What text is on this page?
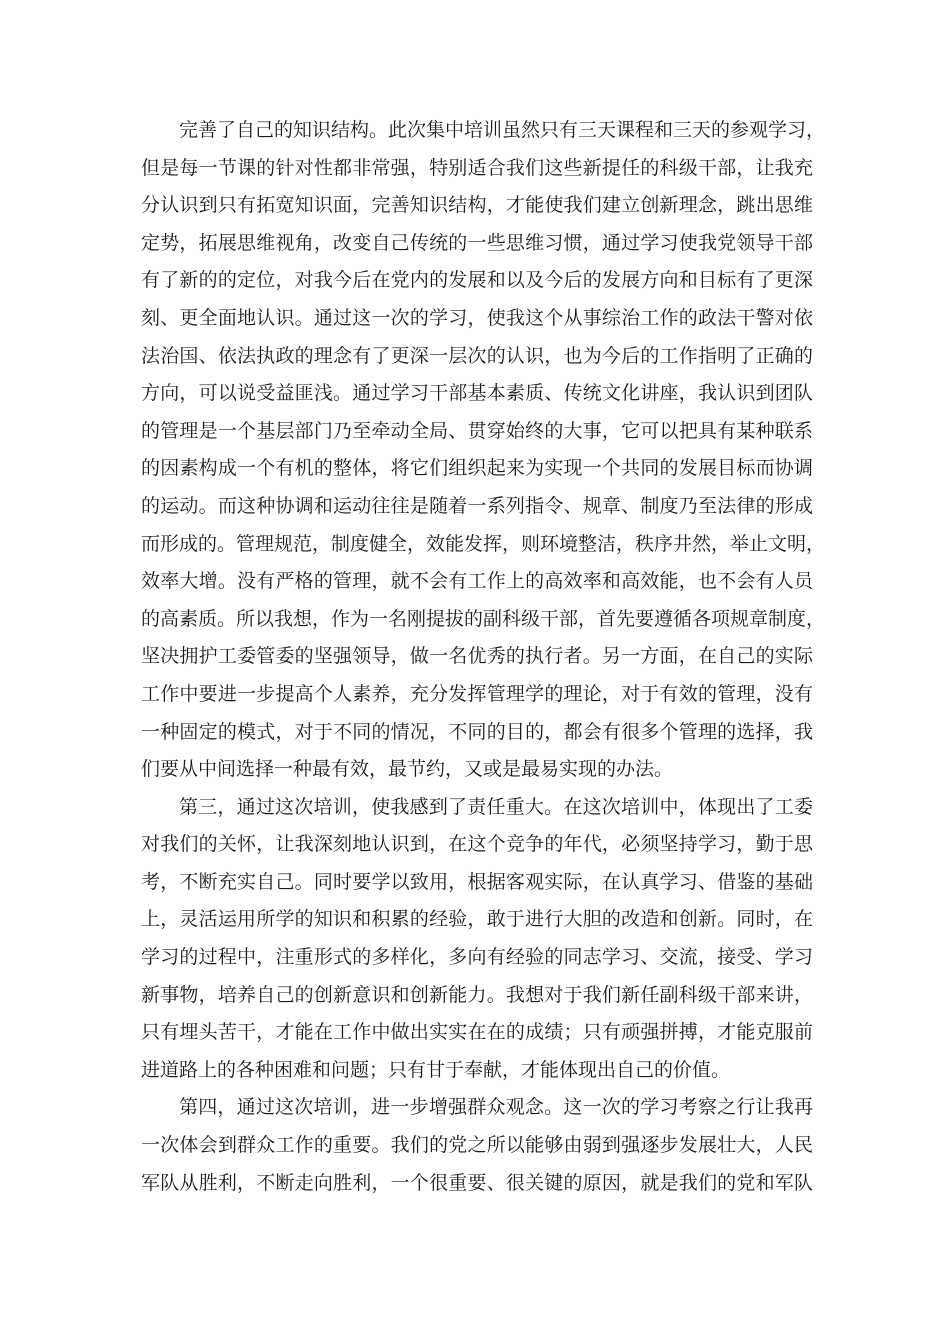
完善了自己的知识结构。此次集中培训虽然只有三天课程和三天的参观学习，
但是每一节课的针对性都非常强，特别适合我们这些新提任的科级干部，让我充
分认识到只有拓宽知识面，完善知识结构，才能使我们建立创新理念，跳出思维
定势，拓展思维视角，改变自己传统的一些思维习惯，通过学习使我党领导干部
有了新的的定位，对我今后在党内的发展和以及今后的发展方向和目标有了更深
刻、更全面地认识。通过这一次的学习，使我这个从事综治工作的政法干警对依
法治国、依法执政的理念有了更深一层次的认识，也为今后的工作指明了正确的
方向，可以说受益匪浅。通过学习干部基本素质、传统文化讲座，我认识到团队
的管理是一个基层部门乃至牵动全局、贯穿始终的大事，它可以把具有某种联系
的因素构成一个有机的整体，将它们组织起来为实现一个共同的发展目标而协调
的运动。而这种协调和运动往往是随着一系列指令、规章、制度乃至法律的形成
而形成的。管理规范，制度健全，效能发挥，则环境整洁，秩序井然，举止文明，
效率大增。没有严格的管理，就不会有工作上的高效率和高效能，也不会有人员
的高素质。所以我想，作为一名刚提拔的副科级干部，首先要遵循各项规章制度，
坚决拥护工委管委的坚强领导，做一名优秀的执行者。另一方面，在自己的实际
工作中要进一步提高个人素养，充分发挥管理学的理论，对于有效的管理，没有
一种固定的模式，对于不同的情况，不同的目的，都会有很多个管理的选择，我
们要从中间选择一种最有效，最节约，又或是最易实现的办法。
第三，通过这次培训，使我感到了责任重大。在这次培训中，体现出了工委
对我们的关怀，让我深刻地认识到，在这个竞争的年代，必须坚持学习，勤于思
考，不断充实自己。同时要学以致用，根据客观实际，在认真学习、借鉴的基础
上，灵活运用所学的知识和积累的经验，敢于进行大胆的改造和创新。同时，在
学习的过程中，注重形式的多样化，多向有经验的同志学习、交流，接受、学习
新事物，培养自己的创新意识和创新能力。我想对于我们新任副科级干部来讲，
只有埋头苦干，才能在工作中做出实实在在的成绩；只有顽强拼搏，才能克服前
进道路上的各种困难和问题；只有甘于奉献，才能体现出自己的价值。
第四，通过这次培训，进一步增强群众观念。这一次的学习考察之行让我再
一次体会到群众工作的重要。我们的党之所以能够由弱到强逐步发展壮大，人民
军队从胜利，不断走向胜利，一个很重要、很关键的原因，就是我们的党和军队
